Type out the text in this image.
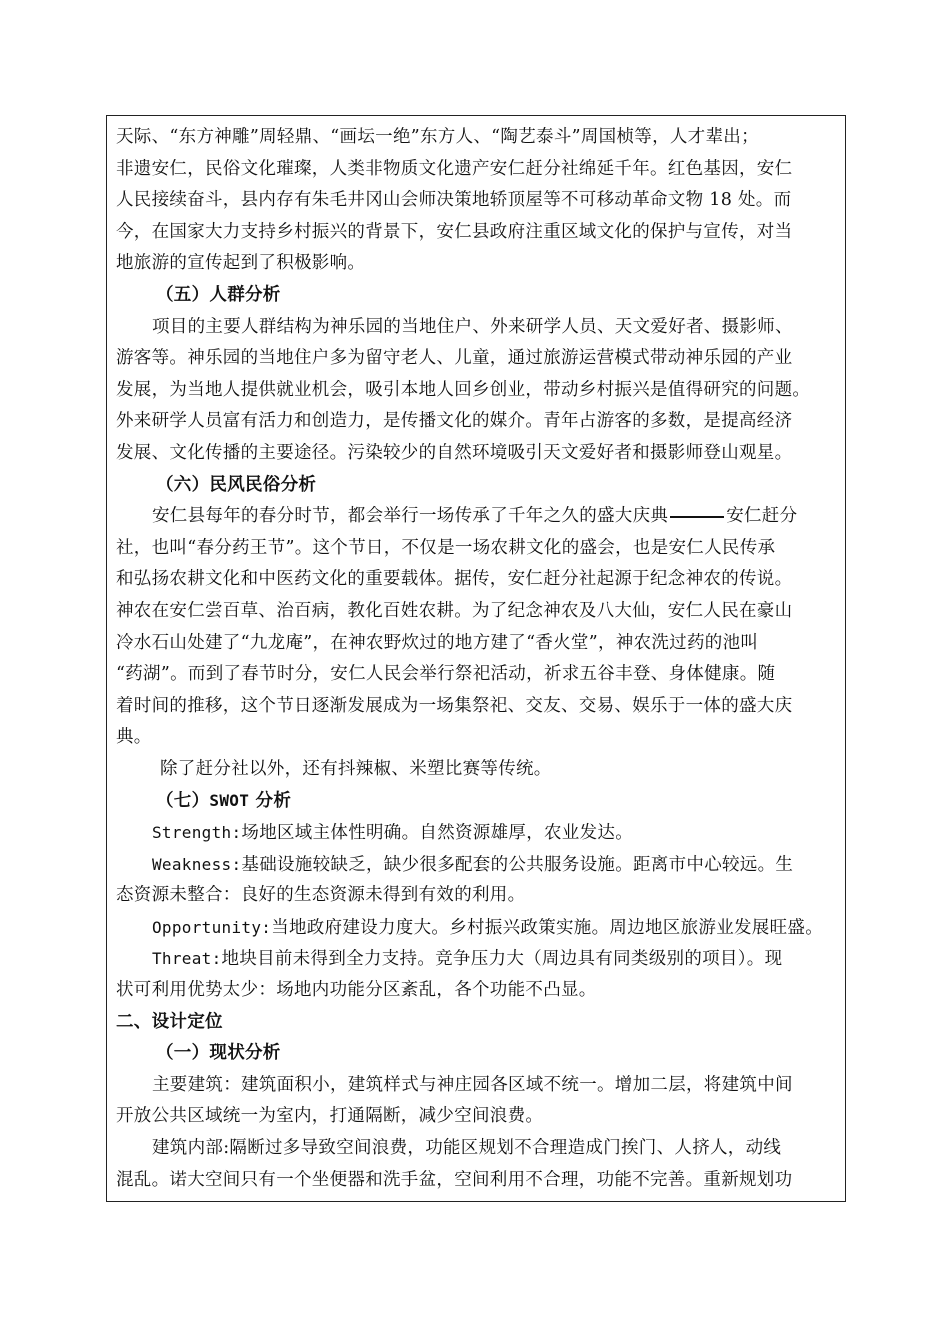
天际、“东方神雕”周轻鼎、“画坛一绝”东方人、“陶艺泰斗”周国桢等，人才辈出；
非遗安仁，民俗文化璀璨，人类非物质文化遗产安仁赶分社绵延千年。红色基因，安仁
人民接续奋斗，县内存有朱毛井冈山会师决策地轿顶屋等不可移动革命文物 18 处。而
今，在国家大力支持乡村振兴的背景下，安仁县政府注重区域文化的保护与宣传，对当
地旅游的宣传起到了积极影响。
（五）人群分析
项目的主要人群结构为神乐园的当地住户、外来研学人员、天文爱好者、摄影师、
游客等。神乐园的当地住户多为留守老人、儿童，通过旅游运营模式带动神乐园的产业
发展，为当地人提供就业机会，吸引本地人回乡创业，带动乡村振兴是值得研究的问题。
外来研学人员富有活力和创造力，是传播文化的媒介。青年占游客的多数，是提高经济
发展、文化传播的主要途径。污染较少的自然环境吸引天文爱好者和摄影师登山观星。
（六）民风民俗分析
安仁县每年的春分时节，都会举行一场传承了千年之久的盛大庆典	安仁赶分
社，也叫“春分药王节”。这个节日，不仅是一场农耕文化的盛会，也是安仁人民传承
和弘扬农耕文化和中医药文化的重要载体。据传，安仁赶分社起源于纪念神农的传说。
神农在安仁尝百草、治百病，教化百姓农耕。为了纪念神农及八大仙，安仁人民在豪山
冷水石山处建了“九龙庵”，在神农野炊过的地方建了“香火堂”，神农洗过药的池叫
“药湖”。而到了春节时分，安仁人民会举行祭祀活动，祈求五谷丰登、身体健康。随
着时间的推移，这个节日逐渐发展成为一场集祭祀、交友、交易、娱乐于一体的盛大庆
典。
除了赶分社以外，还有抖辣椒、米塑比赛等传统。
（七）SWOT 分析
Strength:场地区域主体性明确。自然资源雄厚，农业发达。
Weakness:基础设施较缺乏，缺少很多配套的公共服务设施。距离市中心较远。生
态资源未整合：良好的生态资源未得到有效的利用。
Opportunity:当地政府建设力度大。乡村振兴政策实施。周边地区旅游业发展旺盛。
Threat:地块目前未得到全力支持。竞争压力大（周边具有同类级别的项目）。现
状可利用优势太少：场地内功能分区紊乱，各个功能不凸显。
二、设计定位
（一）现状分析
主要建筑：建筑面积小，建筑样式与神庄园各区域不统一。增加二层，将建筑中间
开放公共区域统一为室内，打通隔断，减少空间浪费。
建筑内部:隔断过多导致空间浪费，功能区规划不合理造成门挨门、人挤人，动线
混乱。诺大空间只有一个坐便器和洗手盆，空间利用不合理，功能不完善。重新规划功
